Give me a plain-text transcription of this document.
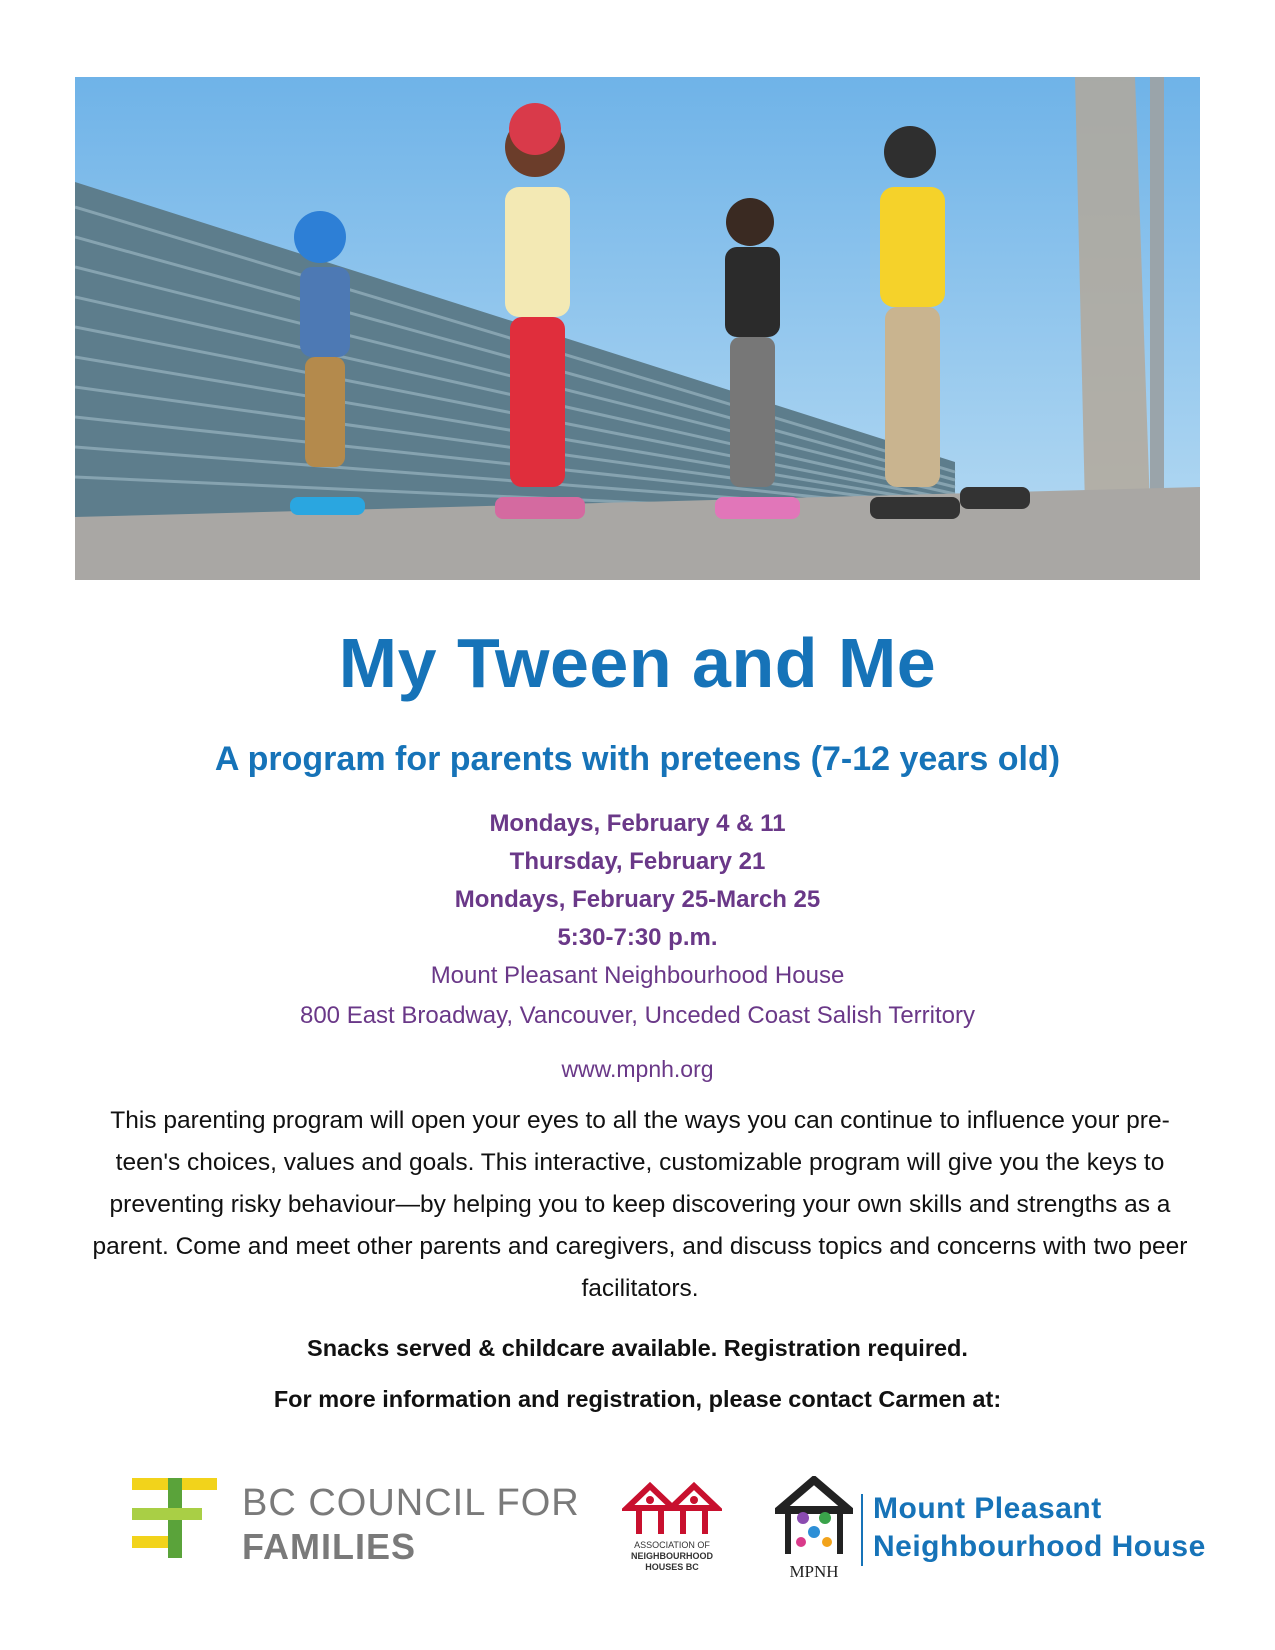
My Tween and Me
A program for parents with preteens (7-12 years old)
Mondays, February 4 & 11
Thursday, February 21
Mondays, February 25-March 25
5:30-7:30 p.m.
Mount Pleasant Neighbourhood House
800 East Broadway, Vancouver, Unceded Coast Salish Territory
www.mpnh.org
This parenting program will open your eyes to all the ways you can continue to influence your pre-teen's choices, values and goals. This interactive, customizable program will give you the keys to preventing risky behaviour—by helping you to keep discovering your own skills and strengths as a parent. Come and meet other parents and caregivers, and discuss topics and concerns with two peer facilitators.
Snacks served & childcare available. Registration required.
For more information and registration, please contact Carmen at:
BC COUNCIL FOR
FAMILIES	ASSOCIATION OF
NEIGHBOURHOOD
HOUSES BC	MPNH
Mount Pleasant
Neighbourhood House
